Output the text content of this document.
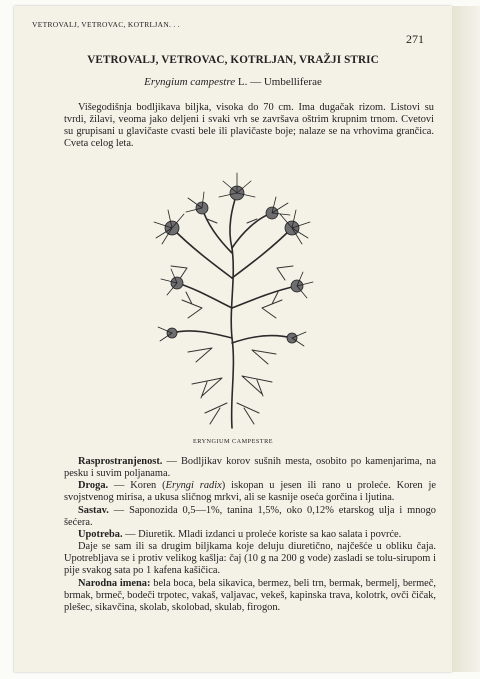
VETROVALJ, VETROVAC, KOTRLJAN. . .
271
VETROVALJ, VETROVAC, KOTRLJAN, VRAŽJI STRIC
Eryngium campestre L. — Umbelliferae
Višegodišnja bodljikava biljka, visoka do 70 cm. Ima dugačak rizom. Listovi su tvrdi, žilavi, veoma jako deljeni i svaki vrh se završava oštrim krupnim trnom. Cvetovi su grupisani u glavičaste cvasti bele ili plavičaste boje; nalaze se na vrhovima grančica. Cveta celog leta.
ERYNGIUM CAMPESTRE

Rasprostranjenost. — Bodljikav korov sušnih mesta, osobito po kamenjarima, na pesku i suvim poljanama.

Droga. — Koren (Eryngi radix) iskopan u jesen ili rano u proleće. Koren je svojstvenog mirisa, a ukusa sličnog mrkvi, ali se kasnije oseća gorčina i ljutina.

Sastav. — Saponozida 0,5—1%, tanina 1,5%, oko 0,12% etarskog ulja i mnogo šećera.

Upotreba. — Diuretik. Mladi izdanci u proleće koriste sa kao salata i povrće.

Daje se sam ili sa drugim biljkama koje deluju diuretično, najčešće u obliku čaja. Upotrebljava se i protiv velikog kašlja: čaj (10 g na 200 g vode) zasladi se tolu-sirupom i pije svakog sata po 1 kafena kašičica.

Narodna imena: bela boca, bela sikavica, bermez, beli trn, bermak, bermelj, bermeč, brmak, brmeč, bodeči trpotec, vakaš, valjavac, vekeš, kapinska trava, kolotrk, ovči čičak, plešec, sikavčina, skolab, skolobad, skulab, firogon.
